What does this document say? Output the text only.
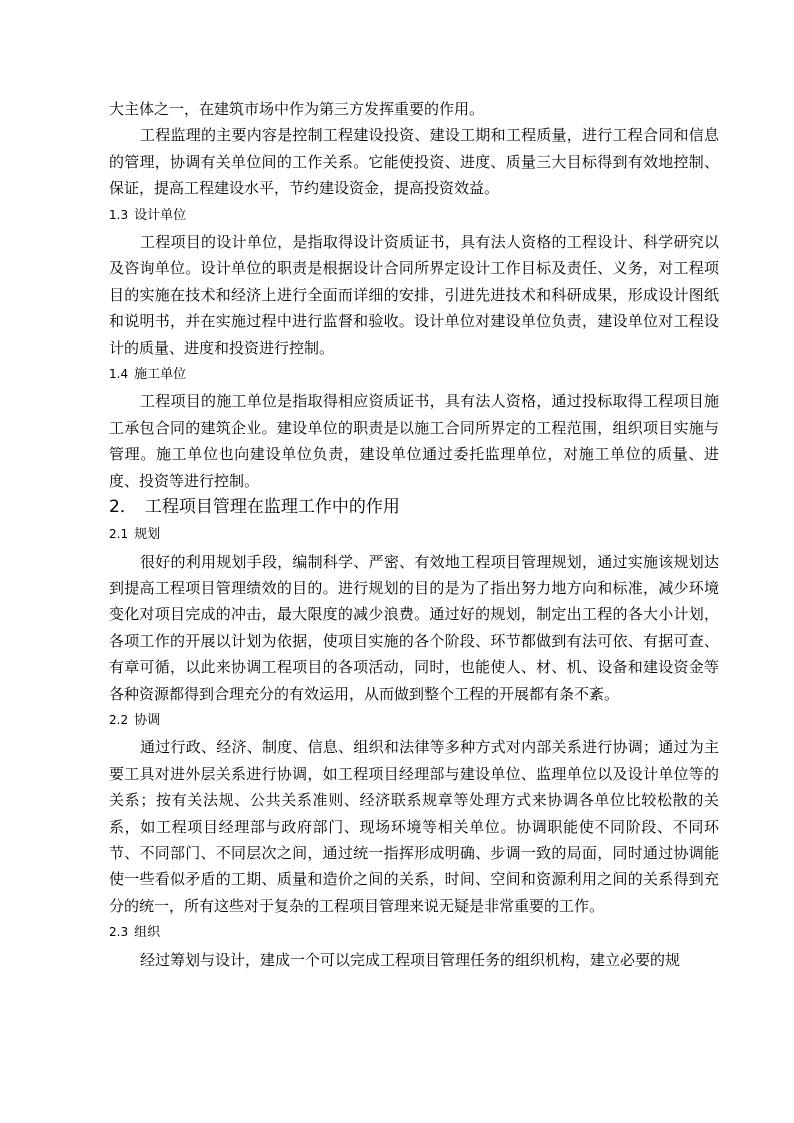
大主体之一，在建筑市场中作为第三方发挥重要的作用。

工程监理的主要内容是控制工程建设投资、建设工期和工程质量，进行工程合同和信息的管理，协调有关单位间的工作关系。它能使投资、进度、质量三大目标得到有效地控制、保证，提高工程建设水平，节约建设资金，提高投资效益。

1.3 设计单位

工程项目的设计单位，是指取得设计资质证书，具有法人资格的工程设计、科学研究以及咨询单位。设计单位的职责是根据设计合同所界定设计工作目标及责任、义务，对工程项目的实施在技术和经济上进行全面而详细的安排，引进先进技术和科研成果，形成设计图纸和说明书，并在实施过程中进行监督和验收。设计单位对建设单位负责，建设单位对工程设计的质量、进度和投资进行控制。

1.4 施工单位

工程项目的施工单位是指取得相应资质证书，具有法人资格，通过投标取得工程项目施工承包合同的建筑企业。建设单位的职责是以施工合同所界定的工程范围，组织项目实施与管理。施工单位也向建设单位负责，建设单位通过委托监理单位，对施工单位的质量、进度、投资等进行控制。

2． 工程项目管理在监理工作中的作用

2.1 规划

很好的利用规划手段，编制科学、严密、有效地工程项目管理规划，通过实施该规划达到提高工程项目管理绩效的目的。进行规划的目的是为了指出努力地方向和标准，减少环境变化对项目完成的冲击，最大限度的减少浪费。通过好的规划，制定出工程的各大小计划，各项工作的开展以计划为依据，使项目实施的各个阶段、环节都做到有法可依、有据可查、有章可循，以此来协调工程项目的各项活动，同时，也能使人、材、机、设备和建设资金等各种资源都得到合理充分的有效运用，从而做到整个工程的开展都有条不紊。

2.2 协调

通过行政、经济、制度、信息、组织和法律等多种方式对内部关系进行协调；通过为主要工具对进外层关系进行协调，如工程项目经理部与建设单位、监理单位以及设计单位等的关系；按有关法规、公共关系准则、经济联系规章等处理方式来协调各单位比较松散的关系，如工程项目经理部与政府部门、现场环境等相关单位。协调职能使不同阶段、不同环节、不同部门、不同层次之间，通过统一指挥形成明确、步调一致的局面，同时通过协调能使一些看似矛盾的工期、质量和造价之间的关系，时间、空间和资源利用之间的关系得到充分的统一，所有这些对于复杂的工程项目管理来说无疑是非常重要的工作。

2.3 组织

经过筹划与设计，建成一个可以完成工程项目管理任务的组织机构，建立必要的规
